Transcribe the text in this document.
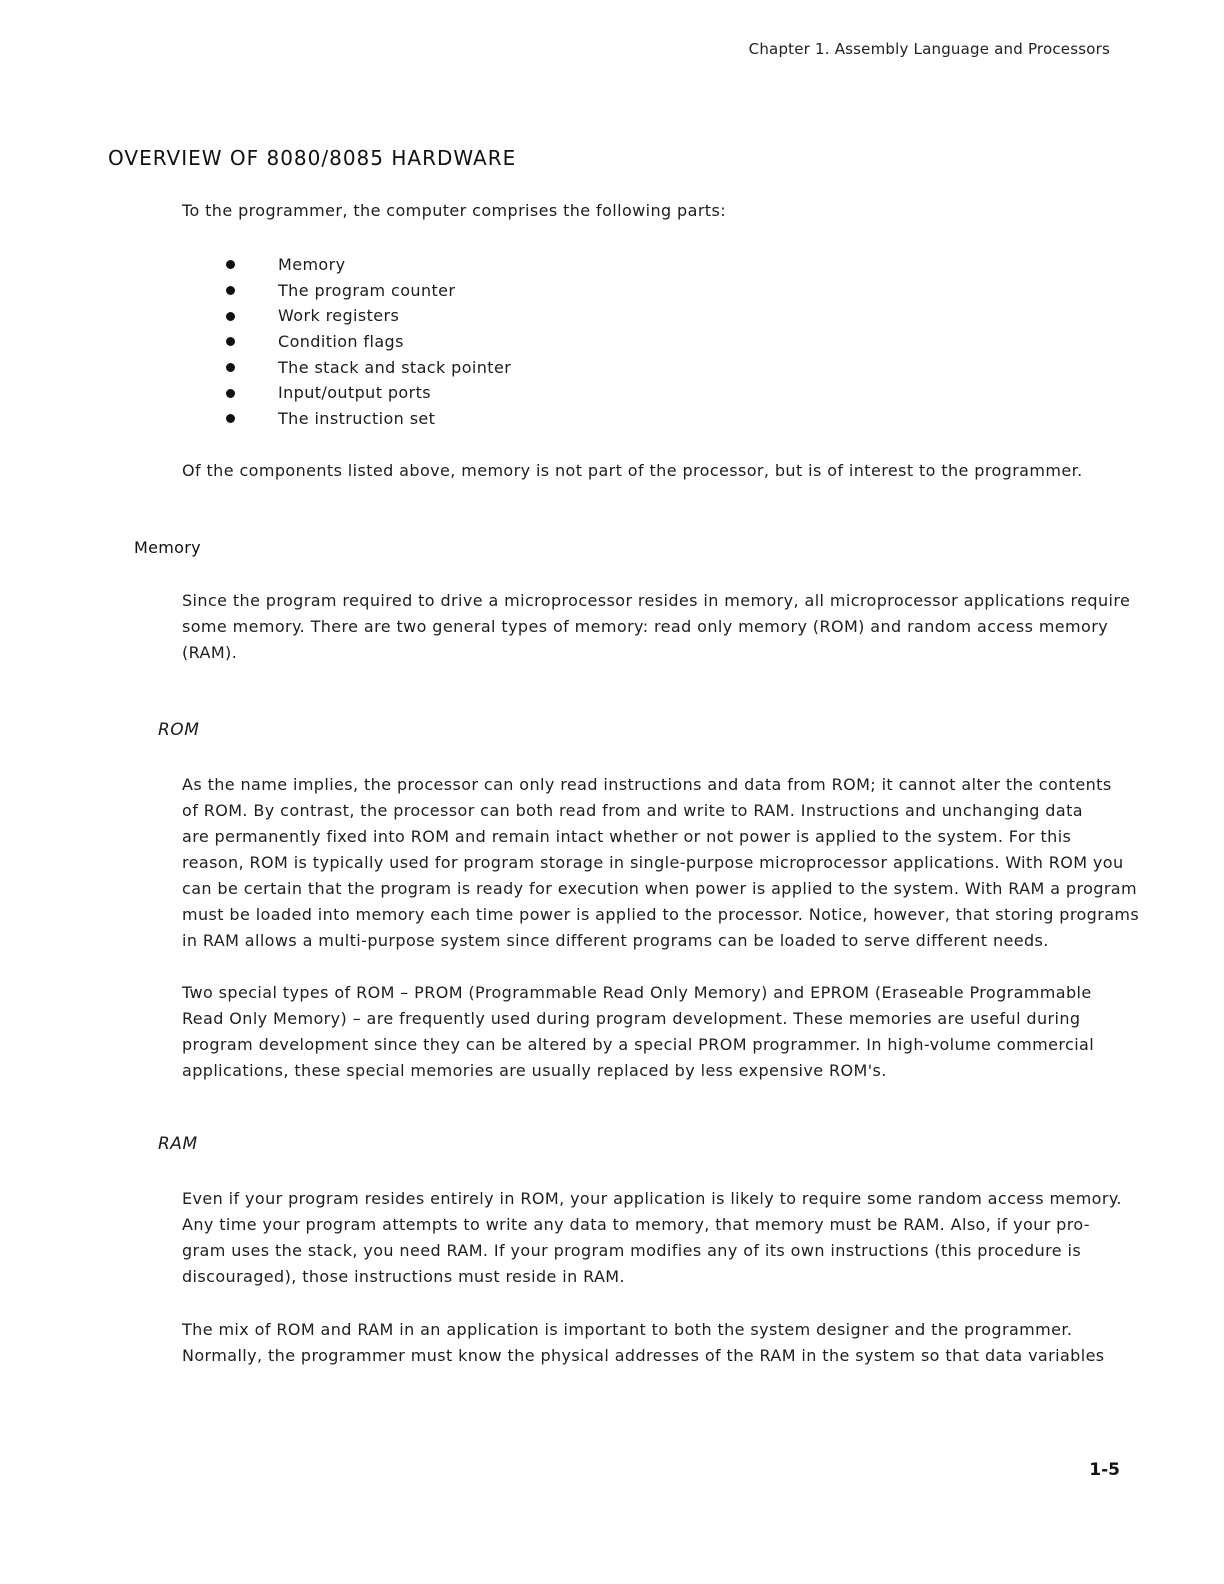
Chapter 1. Assembly Language and Processors
OVERVIEW OF 8080/8085 HARDWARE

To the programmer, the computer comprises the following parts:

Memory
The program counter
Work registers
Condition flags
The stack and stack pointer
Input/output ports
The instruction set

Of the components listed above, memory is not part of the processor, but is of interest to the programmer.

Memory

Since the program required to drive a microprocessor resides in memory, all microprocessor applications require
some memory. There are two general types of memory: read only memory (ROM) and random access memory
(RAM).

ROM

As the name implies, the processor can only read instructions and data from ROM; it cannot alter the contents
of ROM. By contrast, the processor can both read from and write to RAM. Instructions and unchanging data
are permanently fixed into ROM and remain intact whether or not power is applied to the system. For this
reason, ROM is typically used for program storage in single-purpose microprocessor applications. With ROM you
can be certain that the program is ready for execution when power is applied to the system. With RAM a program
must be loaded into memory each time power is applied to the processor. Notice, however, that storing programs
in RAM allows a multi-purpose system since different programs can be loaded to serve different needs.

Two special types of ROM – PROM (Programmable Read Only Memory) and EPROM (Eraseable Programmable
Read Only Memory) – are frequently used during program development. These memories are useful during
program development since they can be altered by a special PROM programmer. In high-volume commercial
applications, these special memories are usually replaced by less expensive ROM's.

RAM

Even if your program resides entirely in ROM, your application is likely to require some random access memory.
Any time your program attempts to write any data to memory, that memory must be RAM. Also, if your pro-
gram uses the stack, you need RAM. If your program modifies any of its own instructions (this procedure is
discouraged), those instructions must reside in RAM.

The mix of ROM and RAM in an application is important to both the system designer and the programmer.
Normally, the programmer must know the physical addresses of the RAM in the system so that data variables

1-5
